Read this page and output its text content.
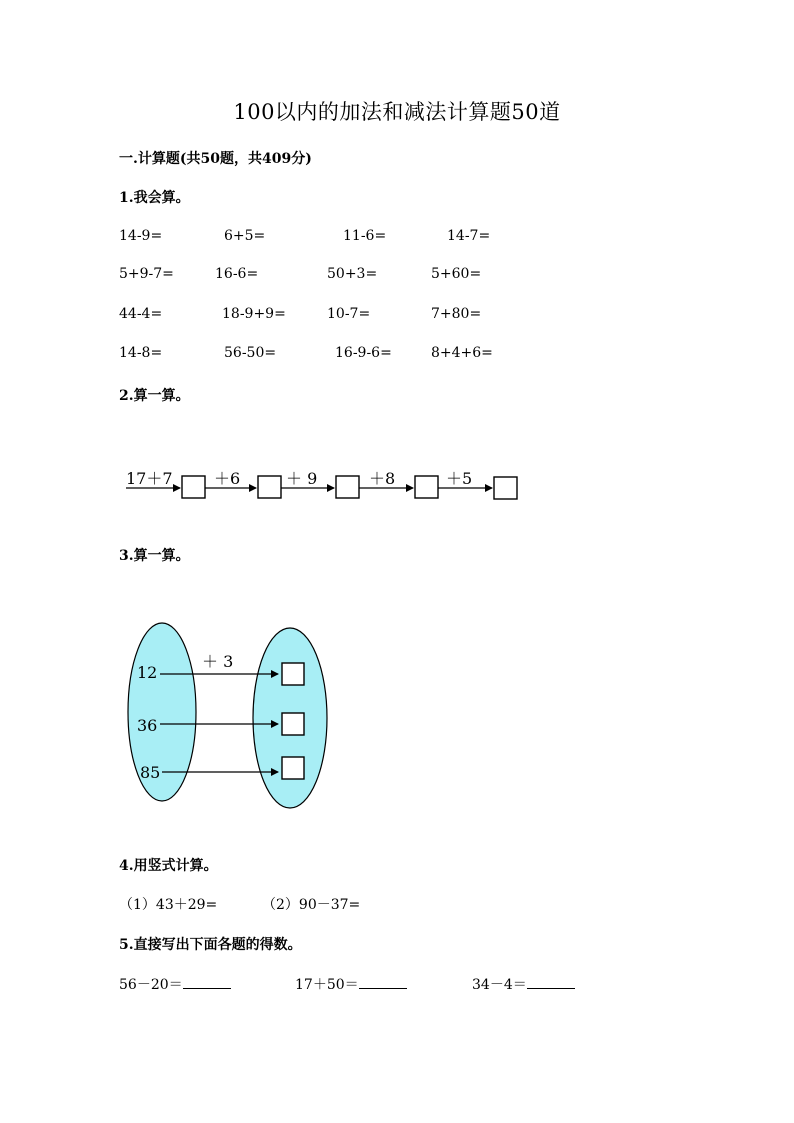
100以内的加法和减法计算题50道
一.计算题(共50题，共409分)
1.我会算。
14-9=	6+5=	11-6=	14-7=
5+9-7=	16-6=	50+3=	5+60=
44-4=	18-9+9=	10-7=	7+80=
14-8=	56-50=	16-9-6=	8+4+6=
2.算一算。
17＋7	＋6	＋ 9	＋8	＋5
3.算一算。
＋ 3
12
36
85
4.用竖式计算。
（1）43＋29=	（2）90－37=
5.直接写出下面各题的得数。
56－20＝	17＋50＝	34－4＝
